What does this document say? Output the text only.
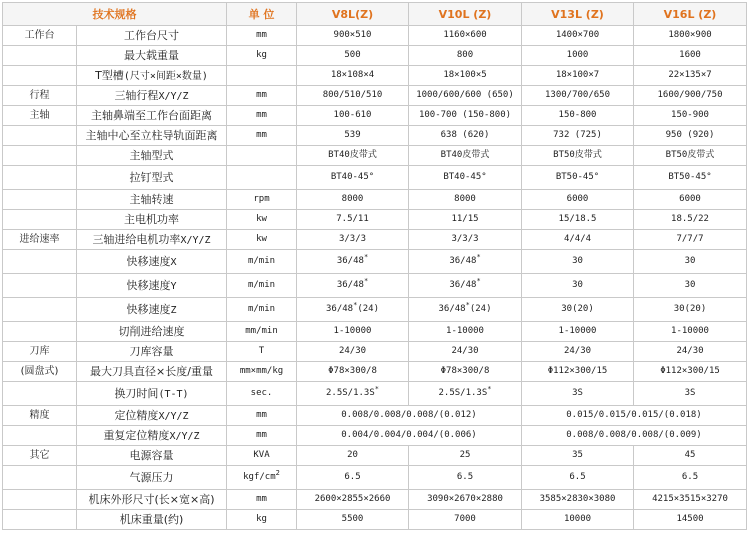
技术规格		单 位	V8L(Z)	V10L (Z)	V13L (Z)	V16L (Z)
工作台	工作台尺寸	mm	900×510	1160×600	1400×700	1800×900
	最大载重量	kg	500	800	1000	1600
	T型槽(尺寸×间距×数量)		18×108×4	18×100×5	18×100×7	22×135×7
行程	三轴行程X/Y/Z	mm	800/510/510	1000/600/600 (650)	1300/700/650	1600/900/750
主轴	主轴鼻端至工作台面距离	mm	100-610	100-700 (150-800)	150-800	150-900
	主轴中心至立柱导轨面距离	mm	539	638 (620)	732 (725)	950 (920)
	主轴型式		BT40皮带式	BT40皮带式	BT50皮带式	BT50皮带式
	拉钉型式		BT40-45°	BT40-45°	BT50-45°	BT50-45°
	主轴转速	rpm	8000	8000	6000	6000
	主电机功率	kw	7.5/11	11/15	15/18.5	18.5/22
进给速率	三轴进给电机功率X/Y/Z	kw	3/3/3	3/3/3	4/4/4	7/7/7
	快移速度X	m/min	36/48*	36/48*	30	30
	快移速度Y	m/min	36/48*	36/48*	30	30
	快移速度Z	m/min	36/48*(24)	36/48*(24)	30(20)	30(20)
	切削进给速度	mm/min	1-10000	1-10000	1-10000	1-10000
刀库	刀库容量	T	24/30	24/30	24/30	24/30
(圆盘式)	最大刀具直径×长度/重量	mm×mm/kg	Φ78×300/8	Φ78×300/8	Φ112×300/15	Φ112×300/15
	换刀时间(T-T)	sec.	2.5S/1.3S*	2.5S/1.3S*	3S	3S
精度	定位精度X/Y/Z	mm	0.008/0.008/0.008/(0.012)		0.015/0.015/0.015/(0.018)	
	重复定位精度X/Y/Z	mm	0.004/0.004/0.004/(0.006)		0.008/0.008/0.008/(0.009)	
其它	电源容量	KVA	20	25	35	45
	气源压力	kgf/$cm^2$	6.5	6.5	6.5	6.5
	机床外形尺寸(长×宽×高)	mm	2600×2855×2660	3090×2670×2880	3585×2830×3080	4215×3515×3270
	机床重量(约)	kg	5500	7000	10000	14500
